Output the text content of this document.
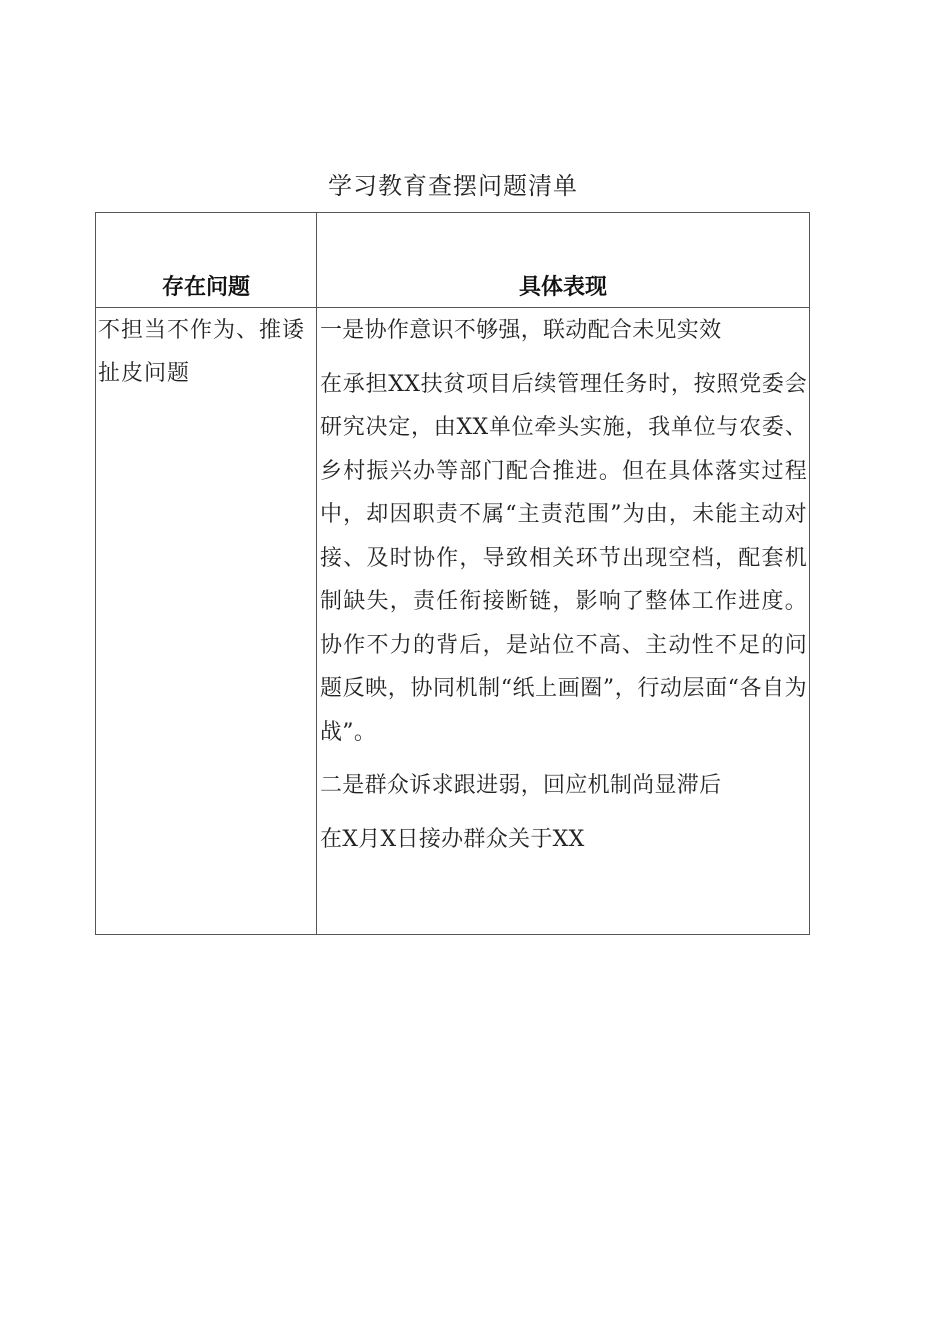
学习教育查摆问题清单
存在问题	具体表现
不担当不作为、推诿扯皮问题	一是协作意识不够强，联动配合未见实效

在承担XX扶贫项目后续管理任务时，按照党委会研究决定，由XX单位牵头实施，我单位与农委、乡村振兴办等部门配合推进。但在具体落实过程中，却因职责不属“主责范围”为由，未能主动对接、及时协作，导致相关环节出现空档，配套机制缺失，责任衔接断链，影响了整体工作进度。协作不力的背后，是站位不高、主动性不足的问题反映，协同机制“纸上画圈”，行动层面“各自为战”。

二是群众诉求跟进弱，回应机制尚显滞后

在X月X日接办群众关于XX
